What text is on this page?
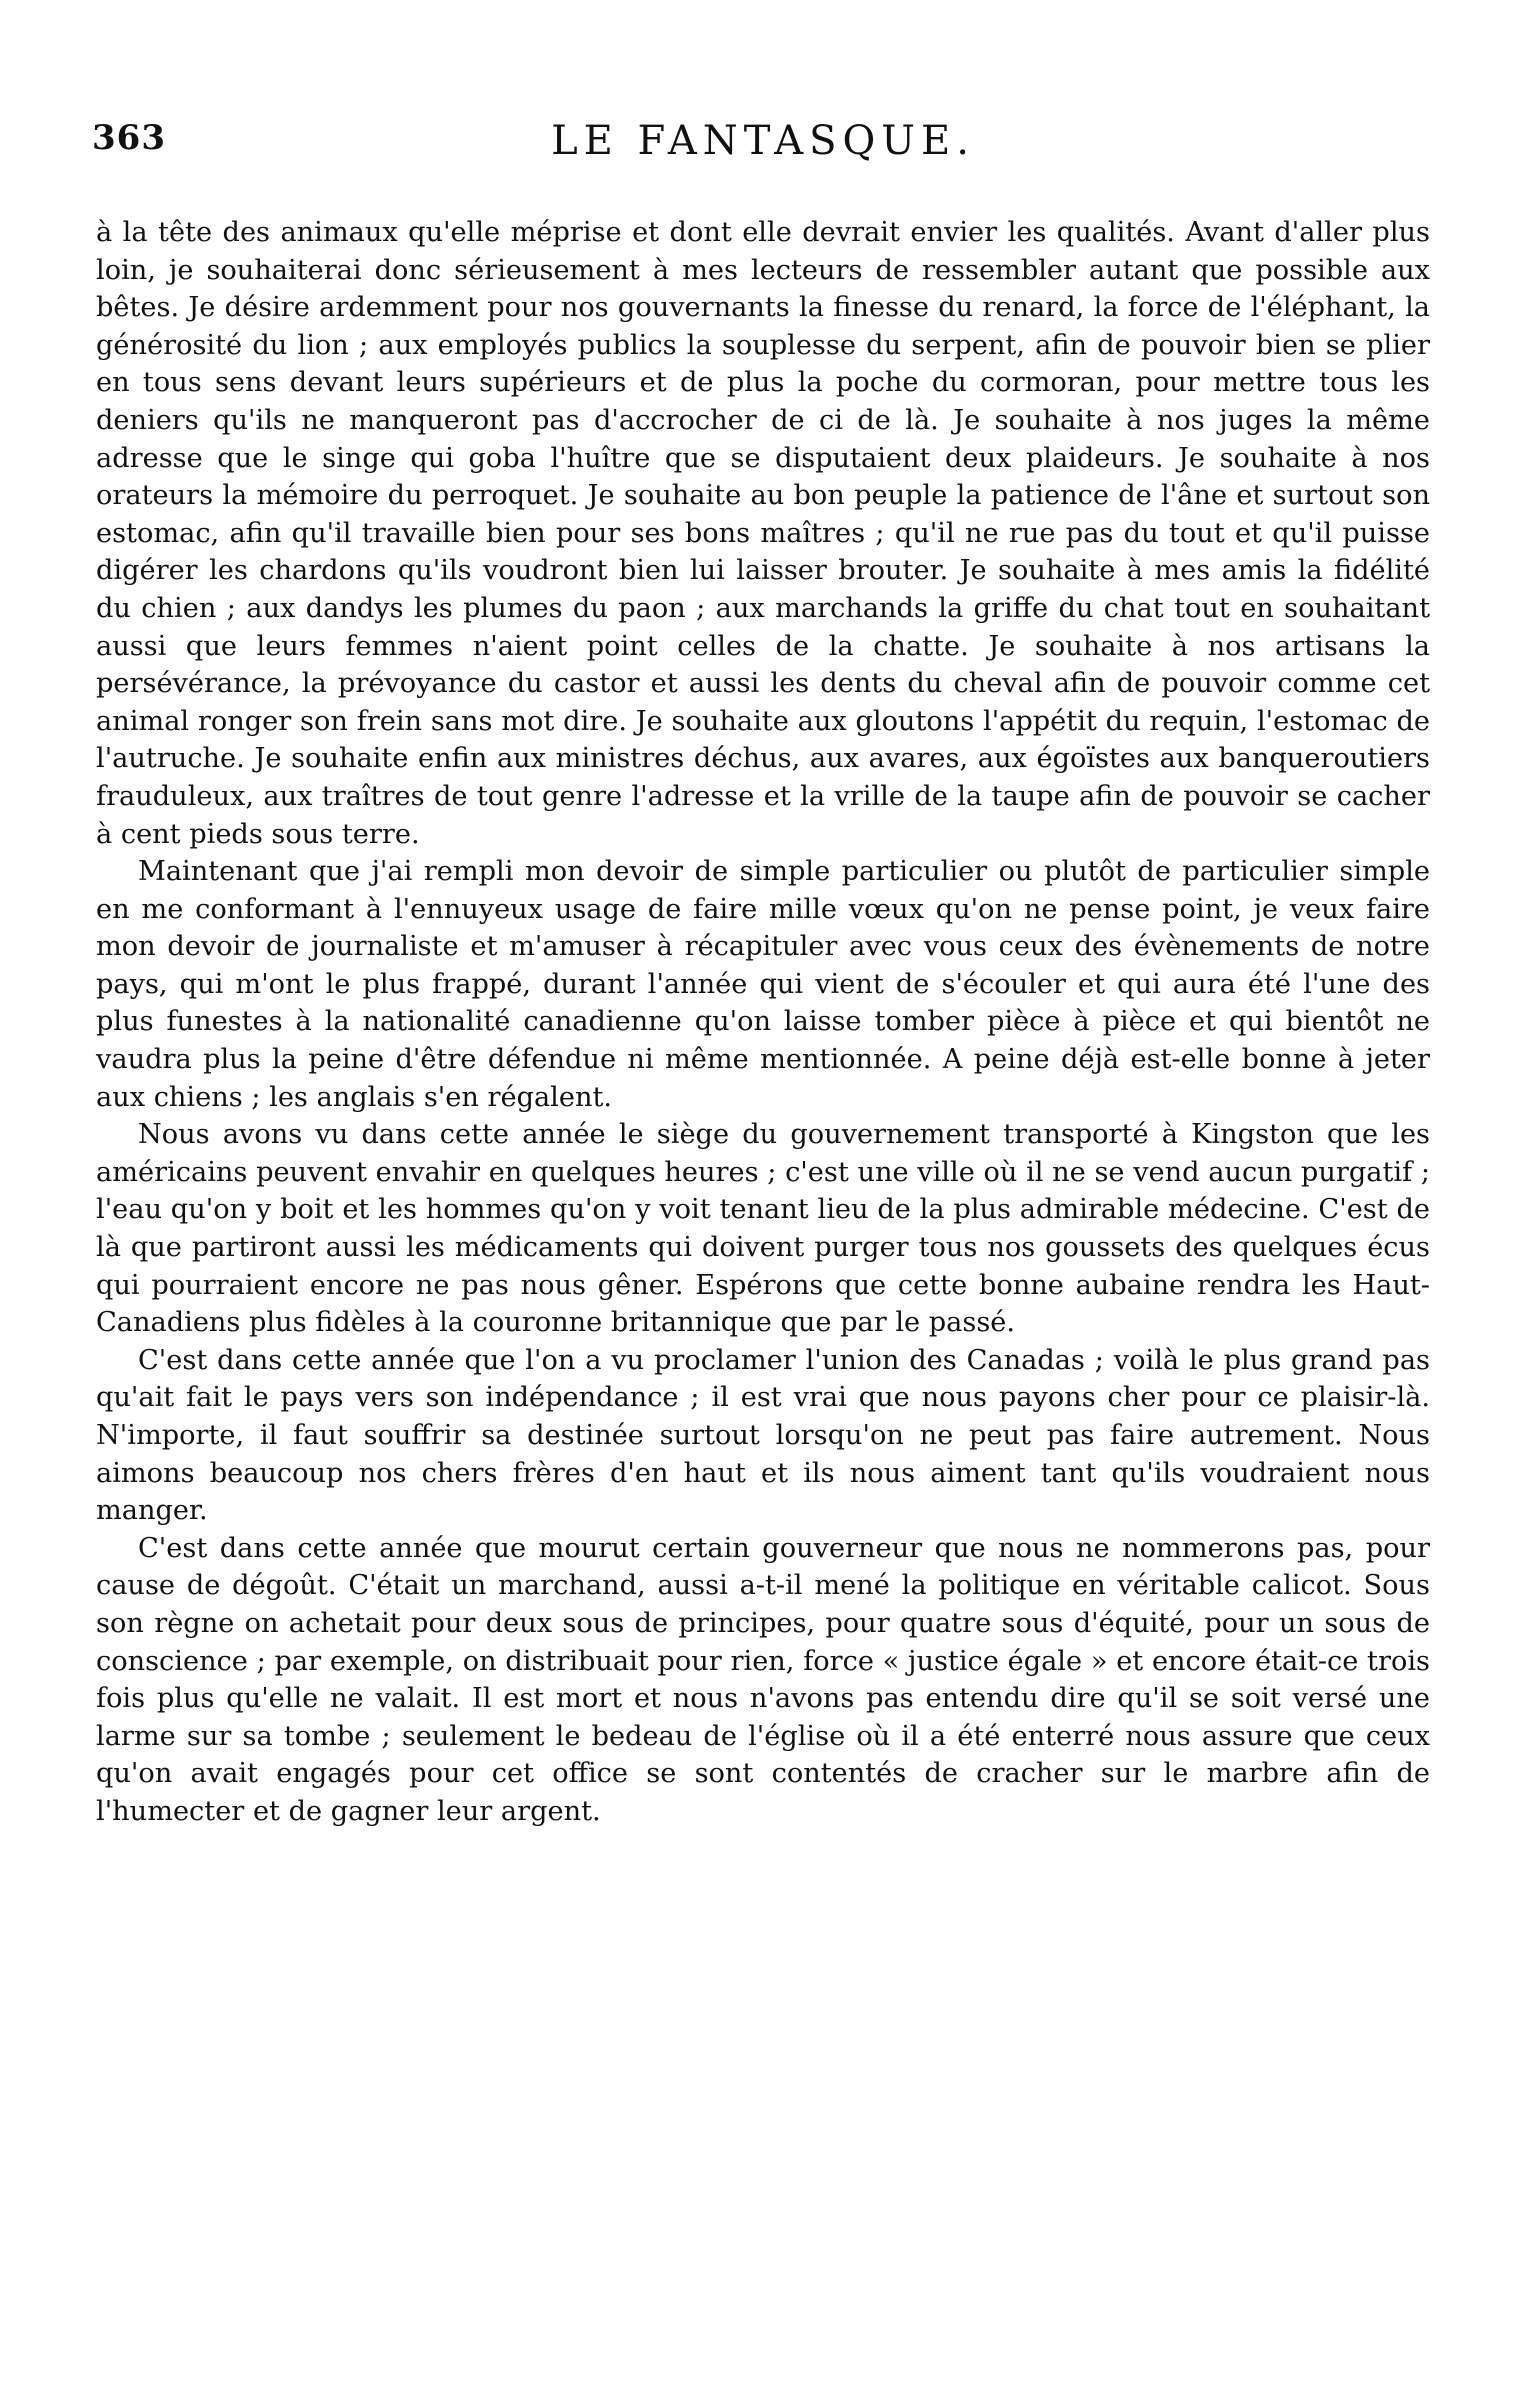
363	LE FANTASQUE.

à la tête des animaux qu'elle méprise et dont elle devrait envier les qualités. Avant d'aller plus loin, je souhaiterai donc sérieusement à mes lecteurs de ressembler autant que possible aux bêtes. Je désire ardemment pour nos gouvernants la finesse du renard, la force de l'éléphant, la générosité du lion ; aux employés publics la souplesse du serpent, afin de pouvoir bien se plier en tous sens devant leurs supérieurs et de plus la poche du cormoran, pour mettre tous les deniers qu'ils ne manqueront pas d'accrocher de ci de là. Je souhaite à nos juges la même adresse que le singe qui goba l'huître que se disputaient deux plaideurs. Je souhaite à nos orateurs la mémoire du perroquet. Je souhaite au bon peuple la patience de l'âne et surtout son estomac, afin qu'il travaille bien pour ses bons maîtres ; qu'il ne rue pas du tout et qu'il puisse digérer les chardons qu'ils voudront bien lui laisser brouter. Je souhaite à mes amis la fidélité du chien ; aux dandys les plumes du paon ; aux marchands la griffe du chat tout en souhaitant aussi que leurs femmes n'aient point celles de la chatte. Je souhaite à nos artisans la persévérance, la prévoyance du castor et aussi les dents du cheval afin de pouvoir comme cet animal ronger son frein sans mot dire. Je souhaite aux gloutons l'appétit du requin, l'estomac de l'autruche. Je souhaite enfin aux ministres déchus, aux avares, aux égoïstes aux banqueroutiers frauduleux, aux traîtres de tout genre l'adresse et la vrille de la taupe afin de pouvoir se cacher à cent pieds sous terre.

Maintenant que j'ai rempli mon devoir de simple particulier ou plutôt de particulier simple en me conformant à l'ennuyeux usage de faire mille vœux qu'on ne pense point, je veux faire mon devoir de journaliste et m'amuser à récapituler avec vous ceux des évènements de notre pays, qui m'ont le plus frappé, durant l'année qui vient de s'écouler et qui aura été l'une des plus funestes à la nationalité canadienne qu'on laisse tomber pièce à pièce et qui bientôt ne vaudra plus la peine d'être défendue ni même mentionnée. A peine déjà est-elle bonne à jeter aux chiens ; les anglais s'en régalent.

Nous avons vu dans cette année le siège du gouvernement transporté à Kingston que les américains peuvent envahir en quelques heures ; c'est une ville où il ne se vend aucun purgatif ; l'eau qu'on y boit et les hommes qu'on y voit tenant lieu de la plus admirable médecine. C'est de là que partiront aussi les médicaments qui doivent purger tous nos goussets des quelques écus qui pourraient encore ne pas nous gêner. Espérons que cette bonne aubaine rendra les Haut-Canadiens plus fidèles à la couronne britannique que par le passé.

C'est dans cette année que l'on a vu proclamer l'union des Canadas ; voilà le plus grand pas qu'ait fait le pays vers son indépendance ; il est vrai que nous payons cher pour ce plaisir-là. N'importe, il faut souffrir sa destinée surtout lorsqu'on ne peut pas faire autrement. Nous aimons beaucoup nos chers frères d'en haut et ils nous aiment tant qu'ils voudraient nous manger.

C'est dans cette année que mourut certain gouverneur que nous ne nommerons pas, pour cause de dégoût. C'était un marchand, aussi a-t-il mené la politique en véritable calicot. Sous son règne on achetait pour deux sous de principes, pour quatre sous d'équité, pour un sous de conscience ; par exemple, on distribuait pour rien, force « justice égale » et encore était-ce trois fois plus qu'elle ne valait. Il est mort et nous n'avons pas entendu dire qu'il se soit versé une larme sur sa tombe ; seulement le bedeau de l'église où il a été enterré nous assure que ceux qu'on avait engagés pour cet office se sont contentés de cracher sur le marbre afin de l'humecter et de gagner leur argent.
